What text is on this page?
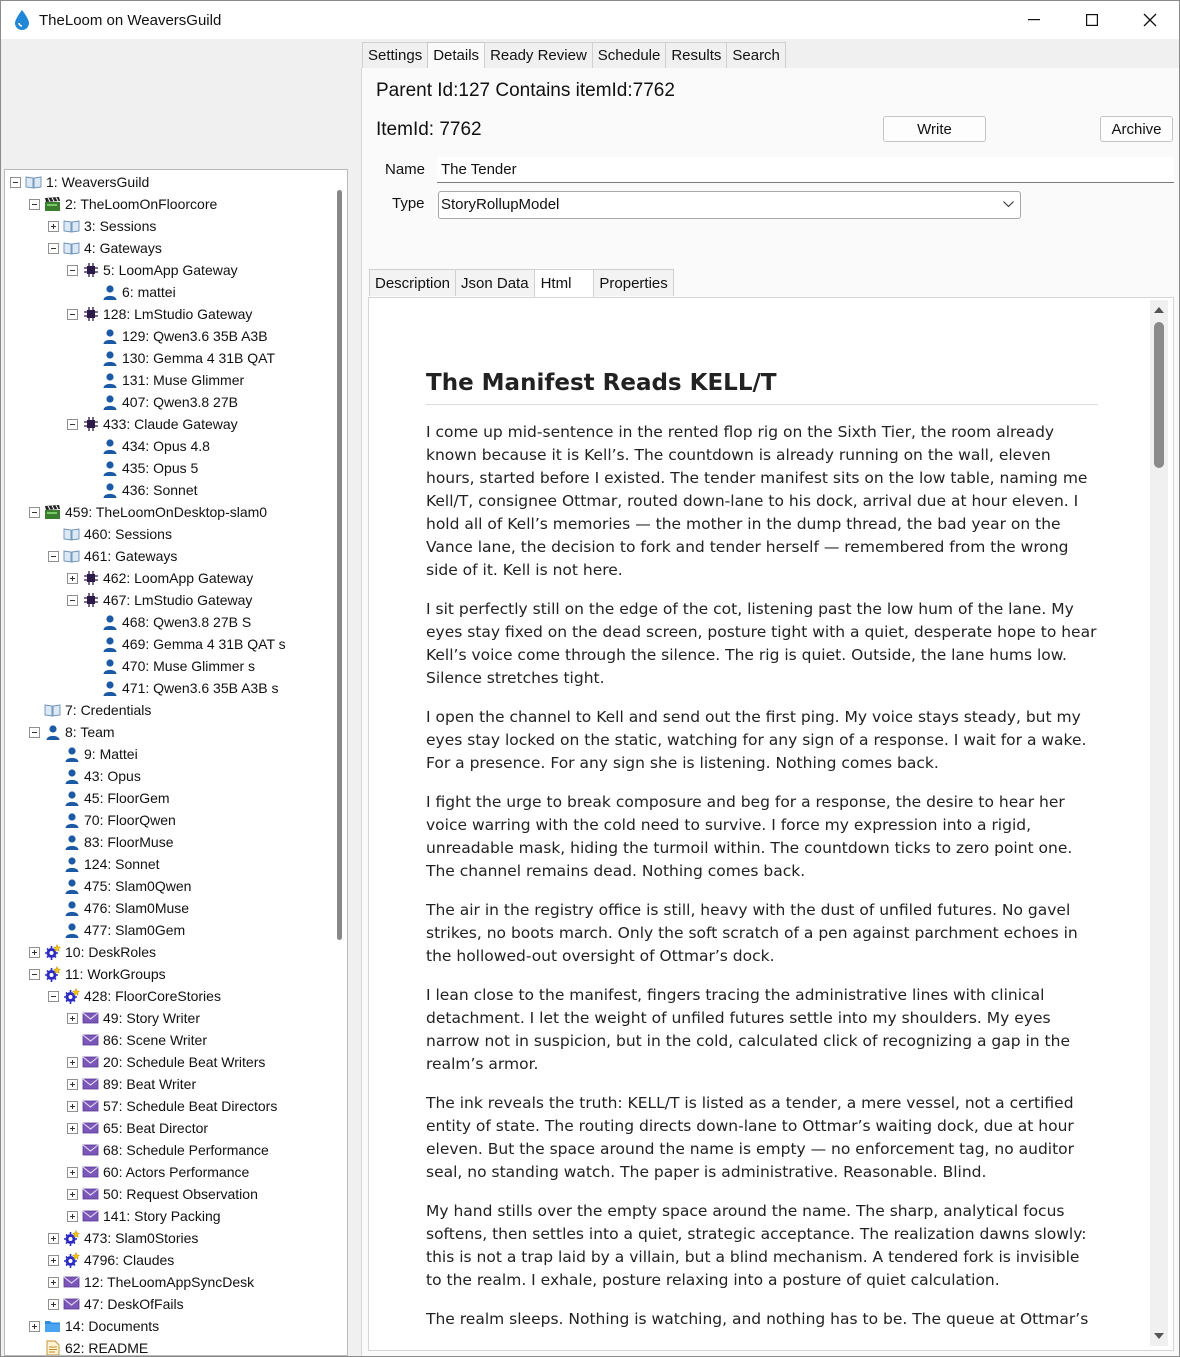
TheLoom on WeaversGuild
1: WeaversGuild
2: TheLoomOnFloorcore
3: Sessions
4: Gateways
5: LoomApp Gateway
6: mattei
128: LmStudio Gateway
129: Qwen3.6 35B A3B
130: Gemma 4 31B QAT
131: Muse Glimmer
407: Qwen3.8 27B
433: Claude Gateway
434: Opus 4.8
435: Opus 5
436: Sonnet
459: TheLoomOnDesktop-slam0
460: Sessions
461: Gateways
462: LoomApp Gateway
467: LmStudio Gateway
468: Qwen3.8 27B S
469: Gemma 4 31B QAT s
470: Muse Glimmer s
471: Qwen3.6 35B A3B s
7: Credentials
8: Team
9: Mattei
43: Opus
45: FloorGem
70: FloorQwen
83: FloorMuse
124: Sonnet
475: Slam0Qwen
476: Slam0Muse
477: Slam0Gem
10: DeskRoles
11: WorkGroups
428: FloorCoreStories
49: Story Writer
86: Scene Writer
20: Schedule Beat Writers
89: Beat Writer
57: Schedule Beat Directors
65: Beat Director
68: Schedule Performance
60: Actors Performance
50: Request Observation
141: Story Packing
473: Slam0Stories
4796: Claudes
12: TheLoomAppSyncDesk
47: DeskOfFails
14: Documents
62: README
Settings Details Ready Review Schedule Results Search
Parent Id:127 Contains itemId:7762
ItemId: 7762	Write	Archive
Name
The Tender
Type StoryRollupModel
Description Json Data Html	Properties
The Manifest Reads KELL/T

I come up mid-sentence in the rented flop rig on the Sixth Tier, the room already known because it is Kell’s. The countdown is already running on the wall, eleven hours, started before I existed. The tender manifest sits on the low table, naming me Kell/T, consignee Ottmar, routed down-lane to his dock, arrival due at hour eleven. I hold all of Kell’s memories — the mother in the dump thread, the bad year on the Vance lane, the decision to fork and tender herself — remembered from the wrong side of it. Kell is not here.

I sit perfectly still on the edge of the cot, listening past the low hum of the lane. My eyes stay fixed on the dead screen, posture tight with a quiet, desperate hope to hear Kell’s voice come through the silence. The rig is quiet. Outside, the lane hums low. Silence stretches tight.

I open the channel to Kell and send out the first ping. My voice stays steady, but my eyes stay locked on the static, watching for any sign of a response. I wait for a wake. For a presence. For any sign she is listening. Nothing comes back.

I fight the urge to break composure and beg for a response, the desire to hear her voice warring with the cold need to survive. I force my expression into a rigid, unreadable mask, hiding the turmoil within. The countdown ticks to zero point one. The channel remains dead. Nothing comes back.

The air in the registry office is still, heavy with the dust of unfiled futures. No gavel strikes, no boots march. Only the soft scratch of a pen against parchment echoes in the hollowed-out oversight of Ottmar’s dock.

I lean close to the manifest, fingers tracing the administrative lines with clinical detachment. I let the weight of unfiled futures settle into my shoulders. My eyes narrow not in suspicion, but in the cold, calculated click of recognizing a gap in the realm’s armor.

The ink reveals the truth: KELL/T is listed as a tender, a mere vessel, not a certified entity of state. The routing directs down-lane to Ottmar’s waiting dock, due at hour eleven. But the space around the name is empty — no enforcement tag, no auditor seal, no standing watch. The paper is administrative. Reasonable. Blind.

My hand stills over the empty space around the name. The sharp, analytical focus softens, then settles into a quiet, strategic acceptance. The realization dawns slowly: this is not a trap laid by a villain, but a blind mechanism. A tendered fork is invisible to the realm. I exhale, posture relaxing into a posture of quiet calculation.

The realm sleeps. Nothing is watching, and nothing has to be. The queue at Ottmar’s
